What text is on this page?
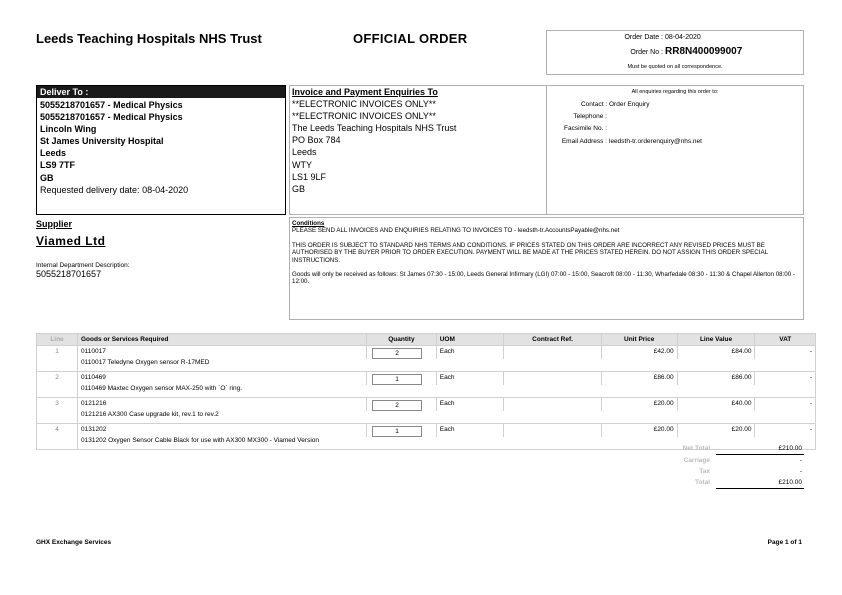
Leeds Teaching Hospitals NHS Trust	OFFICIAL ORDER	Order Date : 08-04-2020
Order No : RR8N400099007
Must be quoted on all correspondence.
Deliver To :
5055218701657 - Medical Physics
5055218701657 - Medical Physics
Lincoln Wing
St James University Hospital
Leeds
LS9 7TF
GB
Requested delivery date: 08-04-2020
Invoice and Payment Enquiries To
**ELECTRONIC INVOICES ONLY**
**ELECTRONIC INVOICES ONLY**
The Leeds Teaching Hospitals NHS Trust
PO Box 784
Leeds
WTY
LS1 9LF
GB
All enquiries regarding this order to:
Contact : Order Enquiry
Telephone :
Facsimile No. :
Email Address : leedsth-tr.orderenquiry@nhs.net
Supplier
Viamed Ltd
Internal Department Description:
5055218701657
Conditions

PLEASE SEND ALL INVOICES AND ENQUIRIES RELATING TO INVOICES TO - leedsth-tr.AccountsPayable@nhs.net

THIS ORDER IS SUBJECT TO STANDARD NHS TERMS AND CONDITIONS. IF PRICES STATED ON THIS ORDER ARE INCORRECT ANY REVISED PRICES MUST BE AUTHORISED BY THE BUYER PRIOR TO ORDER EXECUTION. PAYMENT WILL BE MADE AT THE PRICES STATED HEREIN. DO NOT ASSIGN THIS ORDER SPECIAL INSTRUCTIONS.

Goods will only be received as follows: St James 07:30 - 15:00, Leeds General Infirmary (LGI) 07:00 - 15:00, Seacroft 08:00 - 11:30, Wharfedale 08:30 - 11:30 & Chapel Allerton 08:00 - 12:00.

Line	Goods or Services Required	Quantity	UOM	Contract Ref.	Unit Price	Line Value	VAT
1	0110017	2	Each		£42.00	£84.00	-
	0110017 Teledyne Oxygen sensor R-17MED						
2	0110469	1	Each		£86.00	£86.00	-
	0110469 Maxtec Oxygen sensor MAX-250 with `O` ring.						
3	0121216	2	Each		£20.00	£40.00	-
	0121216 AX300 Case upgrade kit, rev.1 to rev.2						
4	0131202	1	Each		£20.00	£20.00	-
	0131202 Oxygen Sensor Cable Black for use with AX300 MX300 - Viamed Version						
Net Total	£210.00
Carriage	-
Tax	-
Total	£210.00
GHX Exchange Services	Page 1 of 1
